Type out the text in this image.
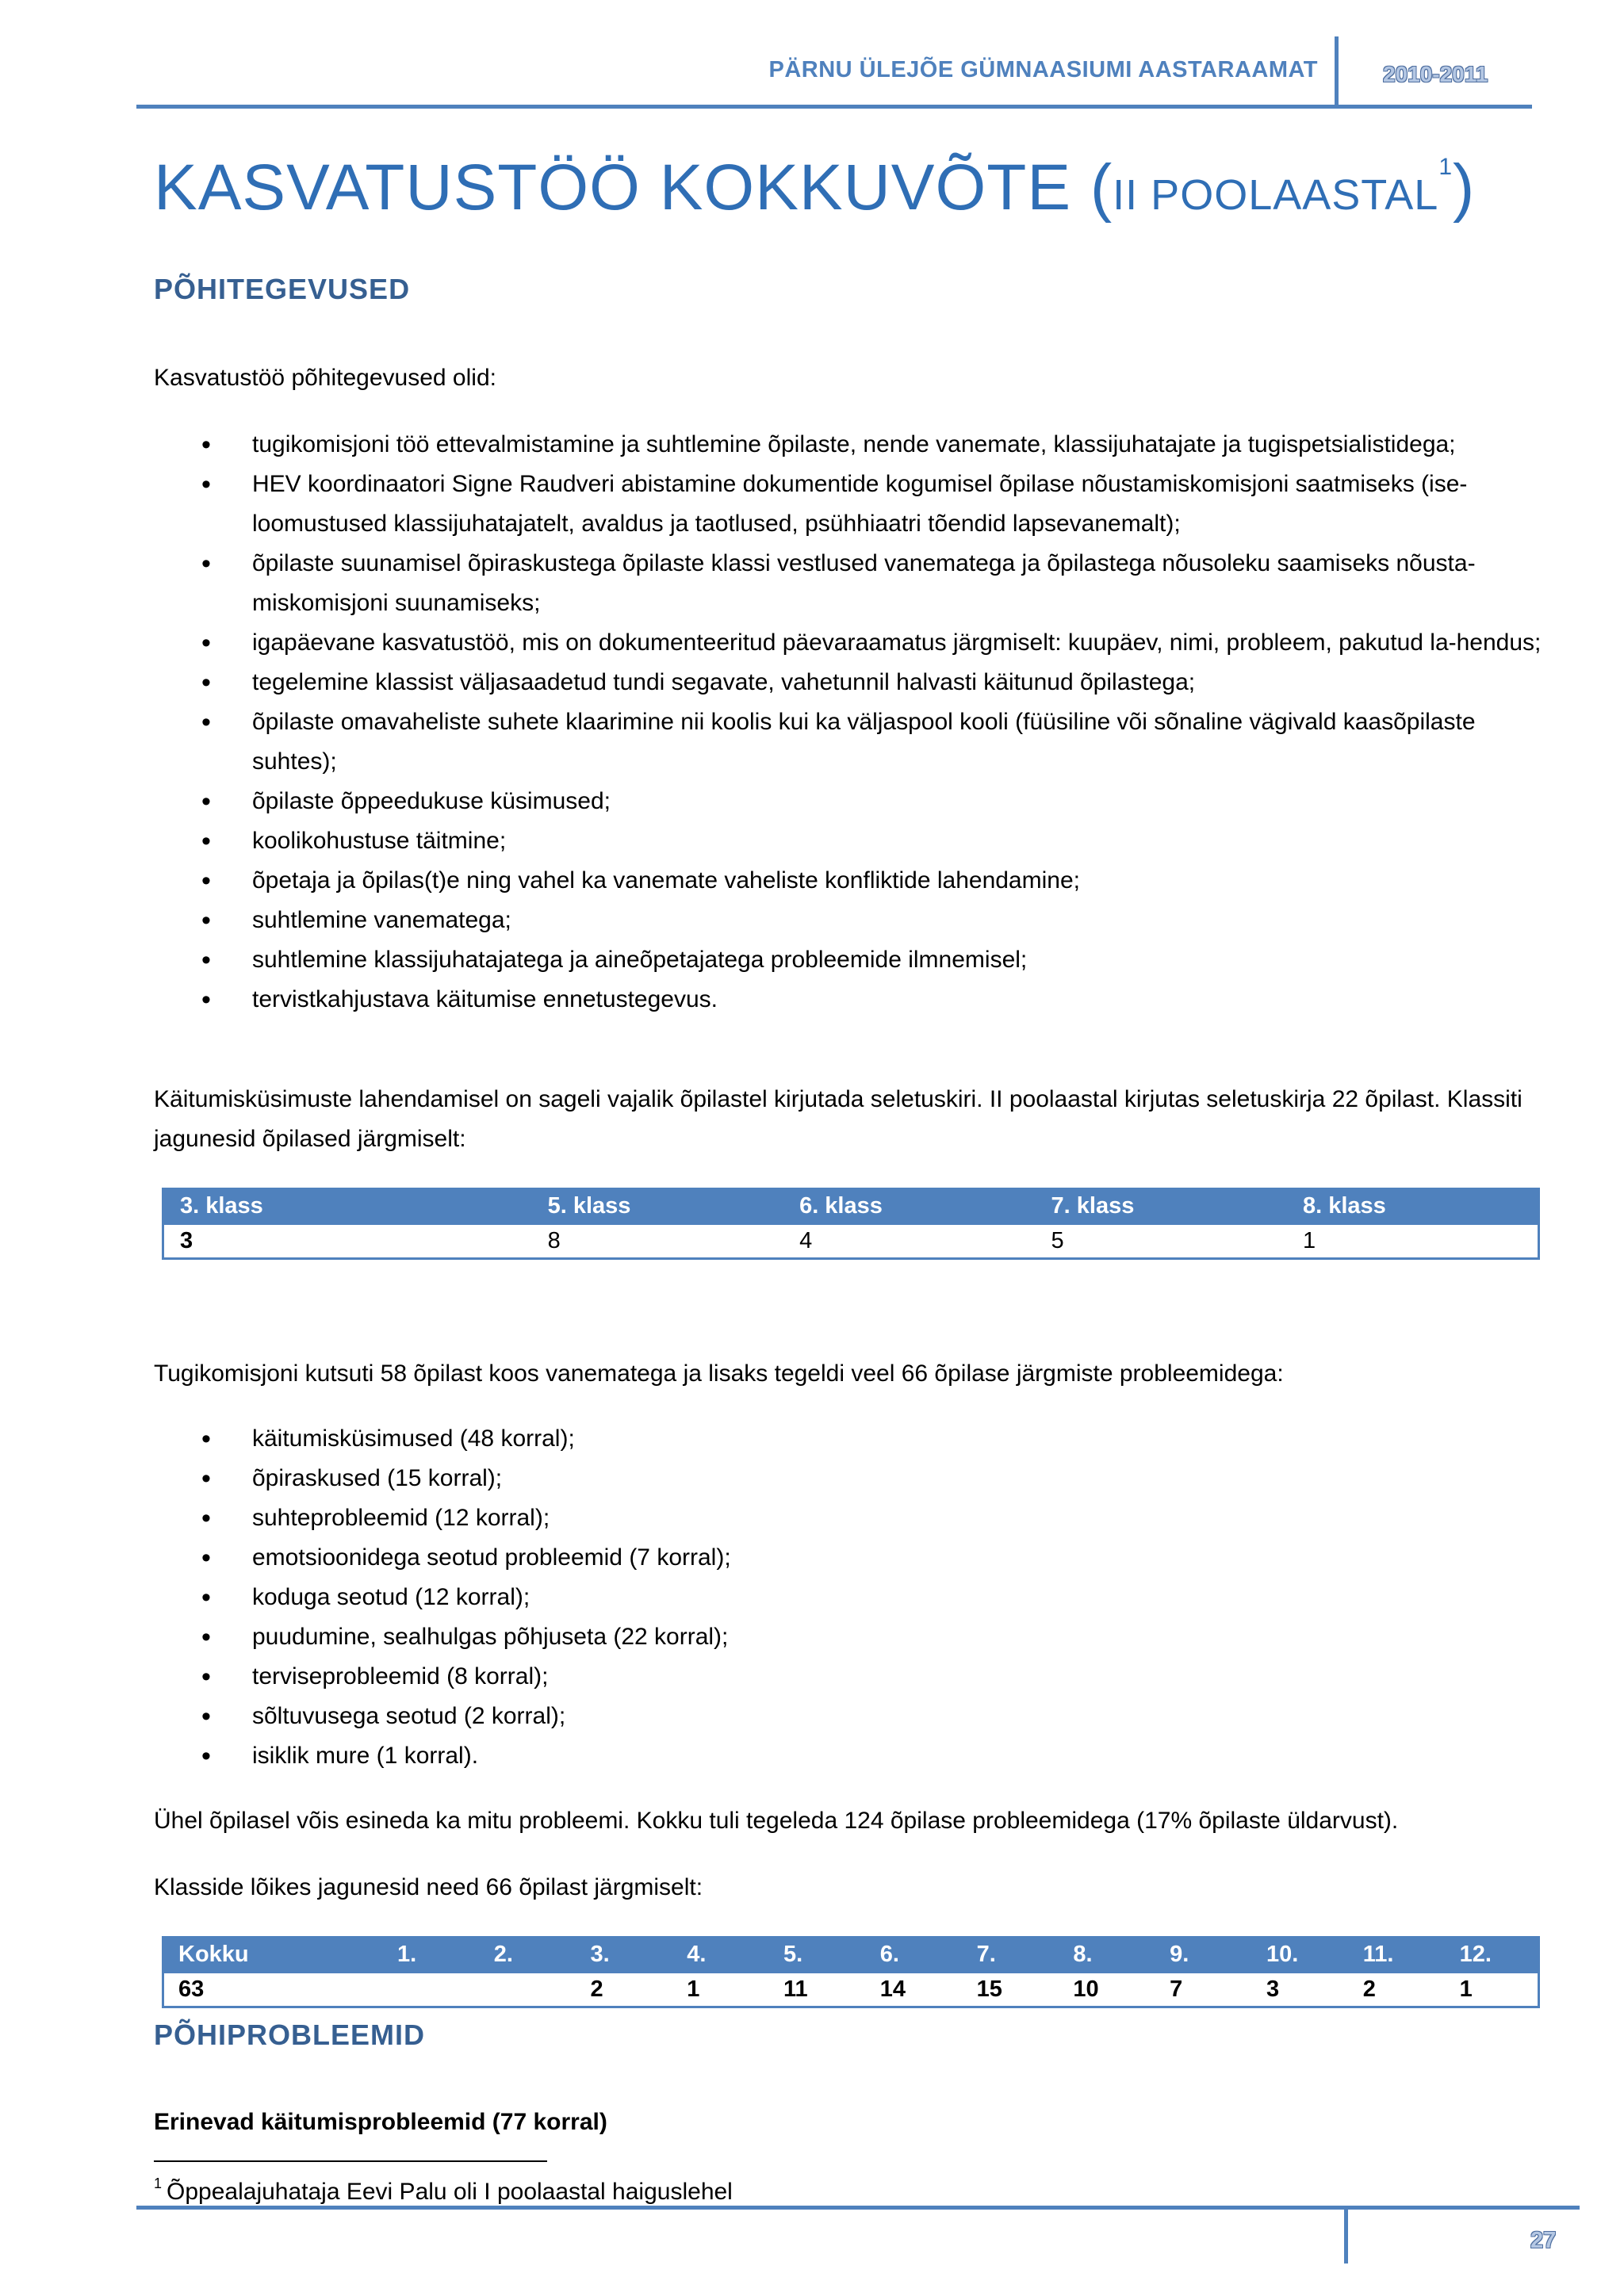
PÄRNU ÜLEJÕE GÜMNAASIUMI AASTARAAMAT	2010-2011
KASVATUSTÖÖ KOKKUVÕTE (II POOLAASTAL$^1$)
PÕHITEGEVUSED
Kasvatustöö põhitegevused olid:
• tugikomisjoni töö ettevalmistamine ja suhtlemine õpilaste, nende vanemate, klassijuhatajate ja tugispetsialistidega;
• HEV koordinaatori Signe Raudveri abistamine dokumentide kogumisel õpilase nõustamiskomisjoni saatmiseks (ise-loomustused klassijuhatajatelt, avaldus ja taotlused, psühhiaatri tõendid lapsevanemalt);
• õpilaste suunamisel õpiraskustega õpilaste klassi vestlused vanematega ja õpilastega nõusoleku saamiseks nõusta-miskomisjoni suunamiseks;
• igapäevane kasvatustöö, mis on dokumenteeritud päevaraamatus järgmiselt: kuupäev, nimi, probleem, pakutud la-hendus;
• tegelemine klassist väljasaadetud tundi segavate, vahetunnil halvasti käitunud õpilastega;
• õpilaste omavaheliste suhete klaarimine nii koolis kui ka väljaspool kooli (füüsiline või sõnaline vägivald kaasõpilaste suhtes);
• õpilaste õppeedukuse küsimused;
• koolikohustuse täitmine;
• õpetaja ja õpilas(t)e ning vahel ka vanemate vaheliste konfliktide lahendamine;
• suhtlemine vanematega;
• suhtlemine klassijuhatajatega ja aineõpetajatega probleemide ilmnemisel;
• tervistkahjustava käitumise ennetustegevus.
Käitumisküsimuste lahendamisel on sageli vajalik õpilastel kirjutada seletuskiri. II poolaastal kirjutas seletuskirja 22 õpilast. Klassiti jagunesid õpilased järgmiselt:
3. klass	5. klass	6. klass	7. klass	8. klass
3	8	4	5	1
Tugikomisjoni kutsuti 58 õpilast koos vanematega ja lisaks tegeldi veel 66 õpilase järgmiste probleemidega:
• käitumisküsimused (48 korral);
• õpiraskused (15 korral);
• suhteprobleemid (12 korral);
• emotsioonidega seotud probleemid (7 korral);
• koduga seotud (12 korral);
• puudumine, sealhulgas põhjuseta (22 korral);
• terviseprobleemid (8 korral);
• sõltuvusega seotud (2 korral);
• isiklik mure (1 korral).
Ühel õpilasel võis esineda ka mitu probleemi. Kokku tuli tegeleda 124 õpilase probleemidega (17% õpilaste üldarvust).
Klasside lõikes jagunesid need 66 õpilast järgmiselt:
Kokku	1.	2.	3.	4.	5.	6.	7.	8.	9.	10.	11.	12.
63			2	1	11	14	15	10	7	3	2	1
PÕHIPROBLEEMID
Erinevad käitumisprobleemid (77 korral)
$^1$ Õppealajuhataja Eevi Palu oli I poolaastal haiguslehel
27
